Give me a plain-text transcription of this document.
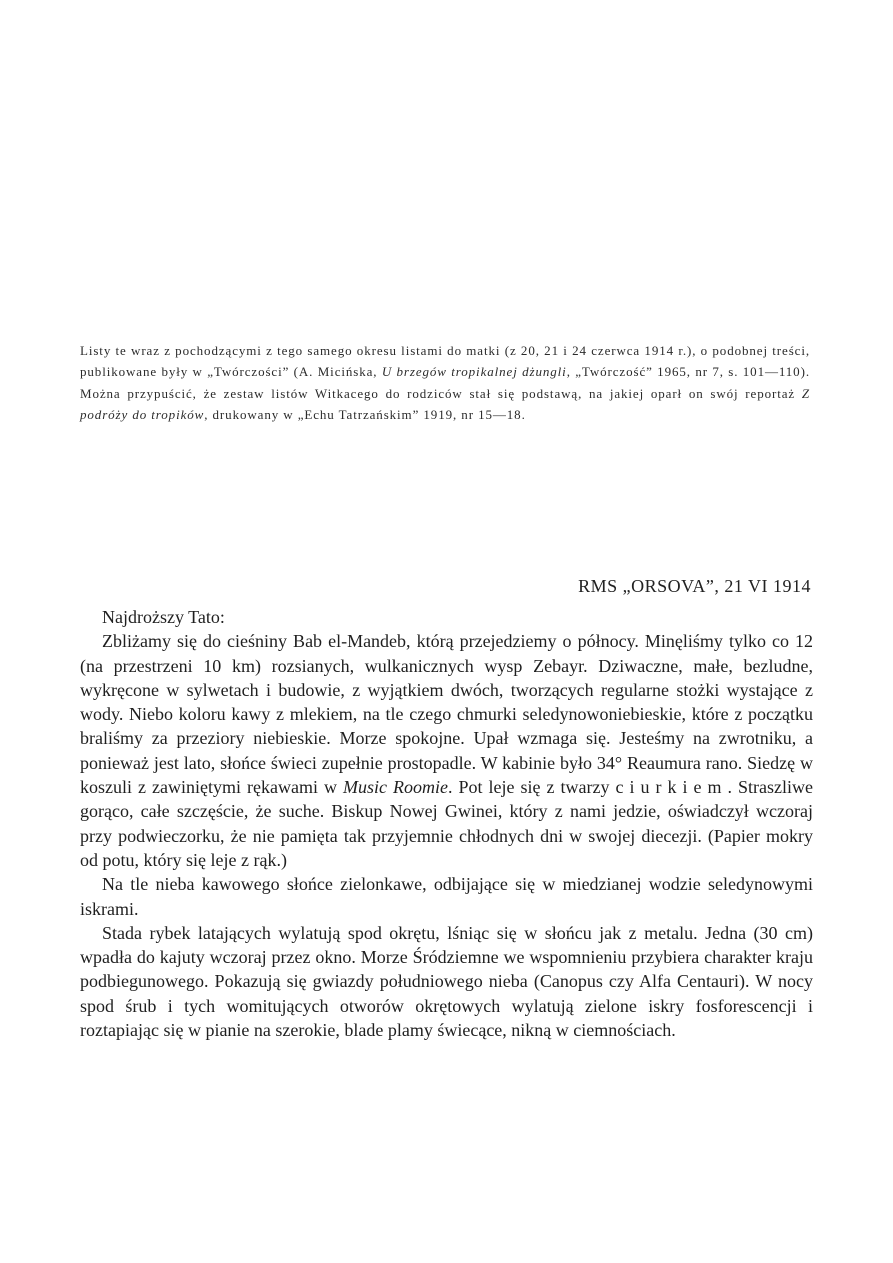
Listy te wraz z pochodzącymi z tego samego okresu listami do matki (z 20, 21 i 24 czerwca 1914 r.), o podobnej treści, publikowane były w „Twórczości” (A. Micińska, U brzegów tropikalnej dżungli, „Twórczość” 1965, nr 7, s. 101—110). Można przypuścić, że zestaw listów Witkacego do rodziców stał się podstawą, na jakiej oparł on swój reportaż Z podróży do tropików, drukowany w „Echu Tatrzańskim” 1919, nr 15—18.
RMS „ORSOVA”, 21 VI 1914

Najdroższy Tato:

Zbliżamy się do cieśniny Bab el-Mandeb, którą przejedziemy o północy. Minęliśmy tylko co 12 (na przestrzeni 10 km) rozsianych, wulkanicznych wysp Zebayr. Dziwaczne, małe, bezludne, wykręcone w sylwetach i budowie, z wyjątkiem dwóch, tworzących regularne stożki wystające z wody. Niebo koloru kawy z mlekiem, na tle czego chmurki seledynowoniebieskie, które z początku braliśmy za przeziory niebieskie. Morze spokojne. Upał wzmaga się. Jesteśmy na zwrotniku, a ponieważ jest lato, słońce świeci zupełnie prostopadle. W kabinie było 34° Reaumura rano. Siedzę w koszuli z zawiniętymi rękawami w Music Roomie. Pot leje się z twarzy ciurkiem. Straszliwe gorąco, całe szczęście, że suche. Biskup Nowej Gwinei, który z nami jedzie, oświadczył wczoraj przy podwieczorku, że nie pamięta tak przyjemnie chłodnych dni w swojej diecezji. (Papier mokry od potu, który się leje z rąk.)

Na tle nieba kawowego słońce zielonkawe, odbijające się w miedzianej wodzie seledynowymi iskrami.

Stada rybek latających wylatują spod okrętu, lśniąc się w słońcu jak z metalu. Jedna (30 cm) wpadła do kajuty wczoraj przez okno. Morze Śródziemne we wspomnieniu przybiera charakter kraju podbiegunowego. Pokazują się gwiazdy południowego nieba (Canopus czy Alfa Centauri). W nocy spod śrub i tych womitujących otworów okrętowych wylatują zielone iskry fosforescencji i roztapiając się w pianie na szerokie, blade plamy świecące, nikną w ciemnościach.
